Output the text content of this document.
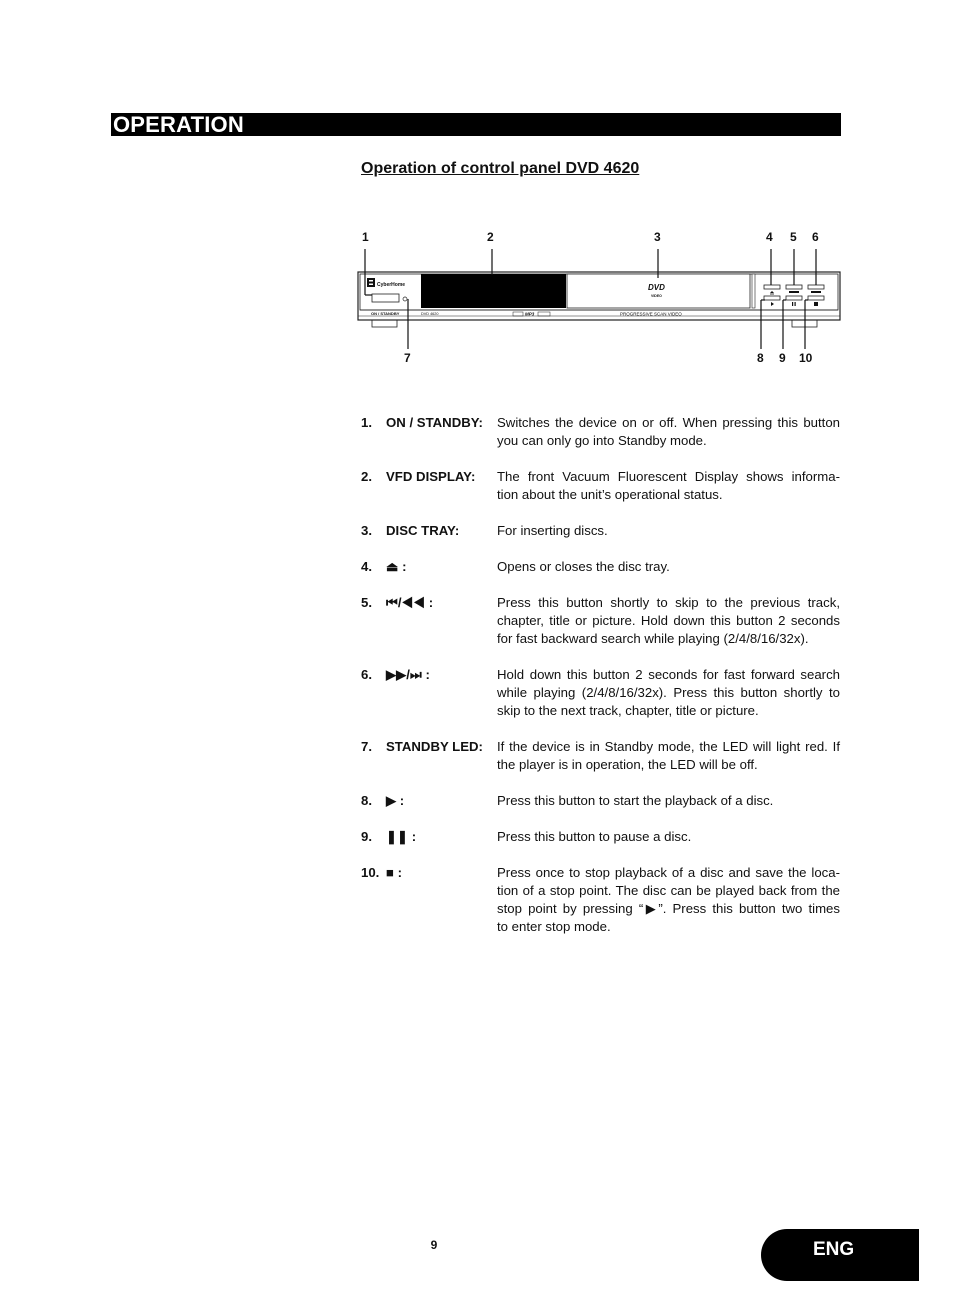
OPERATION
Operation of control panel DVD 4620
1	2	3	4 5 6
7	8 9 10
CyberHome	DVD
VIDEO
ON / STANDBY	DVD 4620	MP3	PROGRESSIVE SCAN VIDEO
1. ON / STANDBY: Switches the device on or off. When pressing this button
you can only go into Standby mode.
2. VFD DISPLAY: The front Vacuum Fluorescent Display shows informa-
tion about the unit’s operational status.
3. DISC TRAY:	For inserting discs.
4. ⏏ :	Opens or closes the disc tray.
5. ⏮/◀◀ :	Press this button shortly to skip to the previous track,
chapter, title or picture. Hold down this button 2 seconds
for fast backward search while playing (2/4/8/16/32x).
6. ▶▶/⏭ :	Hold down this button 2 seconds for fast forward search
while playing (2/4/8/16/32x). Press this button shortly to
skip to the next track, chapter, title or picture.
7. STANDBY LED: If the device is in Standby mode, the LED will light red. If
the player is in operation, the LED will be off.
8. ▶ :	Press this button to start the playback of a disc.
9. ❚❚ :	Press this button to pause a disc.
10. ■ :	Press once to stop playback of a disc and save the loca-
tion of a stop point. The disc can be played back from the
stop point by pressing “▶”. Press this button two times
to enter stop mode.
9	ENG
